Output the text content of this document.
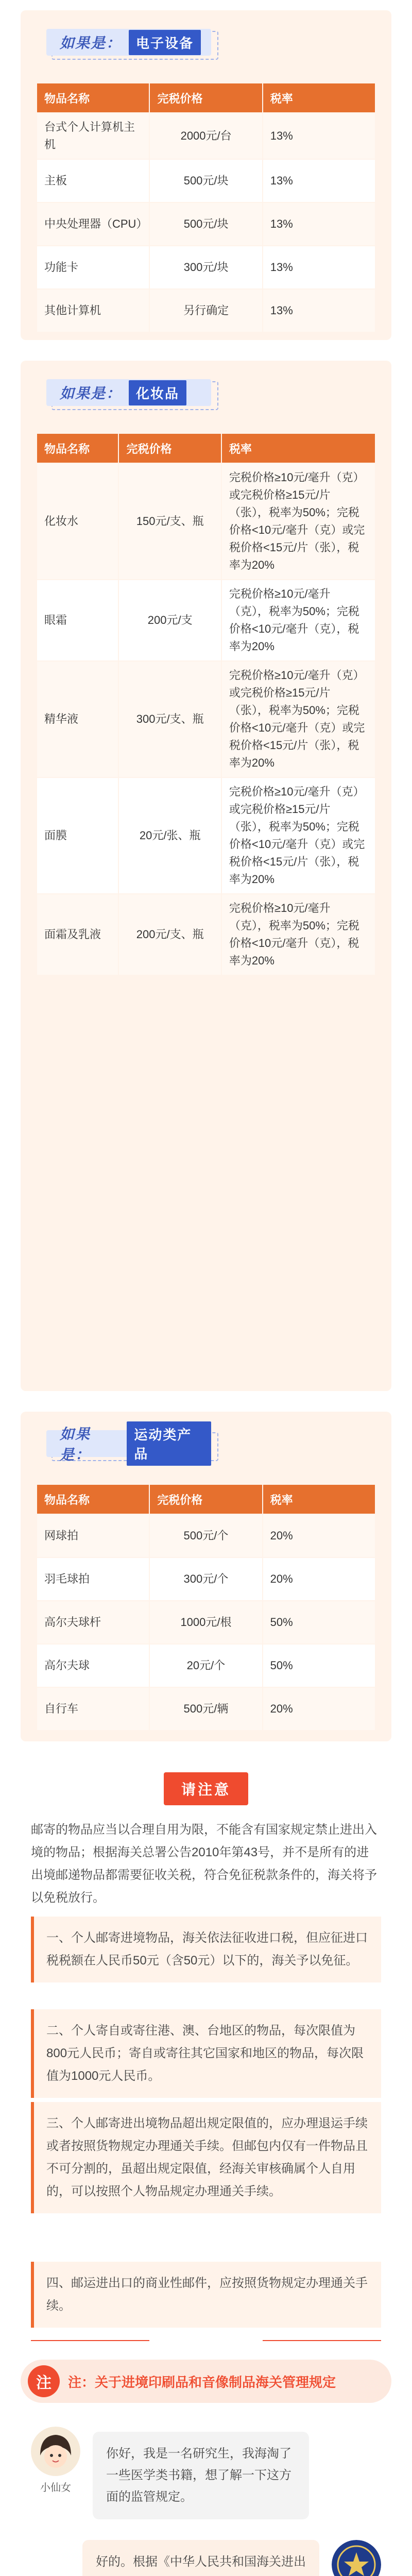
如果是：	电子设备
物品名称	完税价格	税率
台式个人计算机主机	2000元/台	13%
主板	500元/块	13%
中央处理器（CPU）	500元/块	13%
功能卡	300元/块	13%
其他计算机	另行确定	13%
如果是：	化妆品
物品名称	完税价格	税率
化妆水	150元/支、瓶	完税价格≥10元/毫升（克）或完税价格≥15元/片（张），税率为50%；完税价格<10元/毫升（克）或完税价格<15元/片（张），税率为20%
眼霜	200元/支	完税价格≥10元/毫升（克），税率为50%；完税价格<10元/毫升（克），税率为20%
精华液	300元/支、瓶	完税价格≥10元/毫升（克）或完税价格≥15元/片（张），税率为50%；完税价格<10元/毫升（克）或完税价格<15元/片（张），税率为20%
面膜	20元/张、瓶	完税价格≥10元/毫升（克）或完税价格≥15元/片（张），税率为50%；完税价格<10元/毫升（克）或完税价格<15元/片（张），税率为20%
面霜及乳液	200元/支、瓶	完税价格≥10元/毫升（克），税率为50%；完税价格<10元/毫升（克），税率为20%
如果是：
运动类产品
物品名称	完税价格	税率
网球拍	500元/个	20%
羽毛球拍	300元/个	20%
高尔夫球杆	1000元/根	50%
高尔夫球	20元/个	50%
自行车	500元/辆	20%
请注意
邮寄的物品应当以合理自用为限，不能含有国家规定禁止进出入境的物品；根据海关总署公告2010年第43号，并不是所有的进出境邮递物品都需要征收关税，符合免征税款条件的，海关将予以免税放行。
一、个人邮寄进境物品，海关依法征收进口税，但应征进口税税额在人民币50元（含50元）以下的，海关予以免征。
二、个人寄自或寄往港、澳、台地区的物品，每次限值为800元人民币；寄自或寄往其它国家和地区的物品，每次限值为1000元人民币。
三、个人邮寄进出境物品超出规定限值的，应办理退运手续或者按照货物规定办理通关手续。但邮包内仅有一件物品且不可分割的，虽超出规定限值，经海关审核确属个人自用的，可以按照个人物品规定办理通关手续。
四、邮运进出口的商业性邮件，应按照货物规定办理通关手续。
注	注：关于进境印刷品和音像制品海关管理规定
小仙女
你好，我是一名研究生，我海淘了一些医学类书籍，想了解一下这方面的监管规定。
好的。根据《中华人民共和国海关进出
